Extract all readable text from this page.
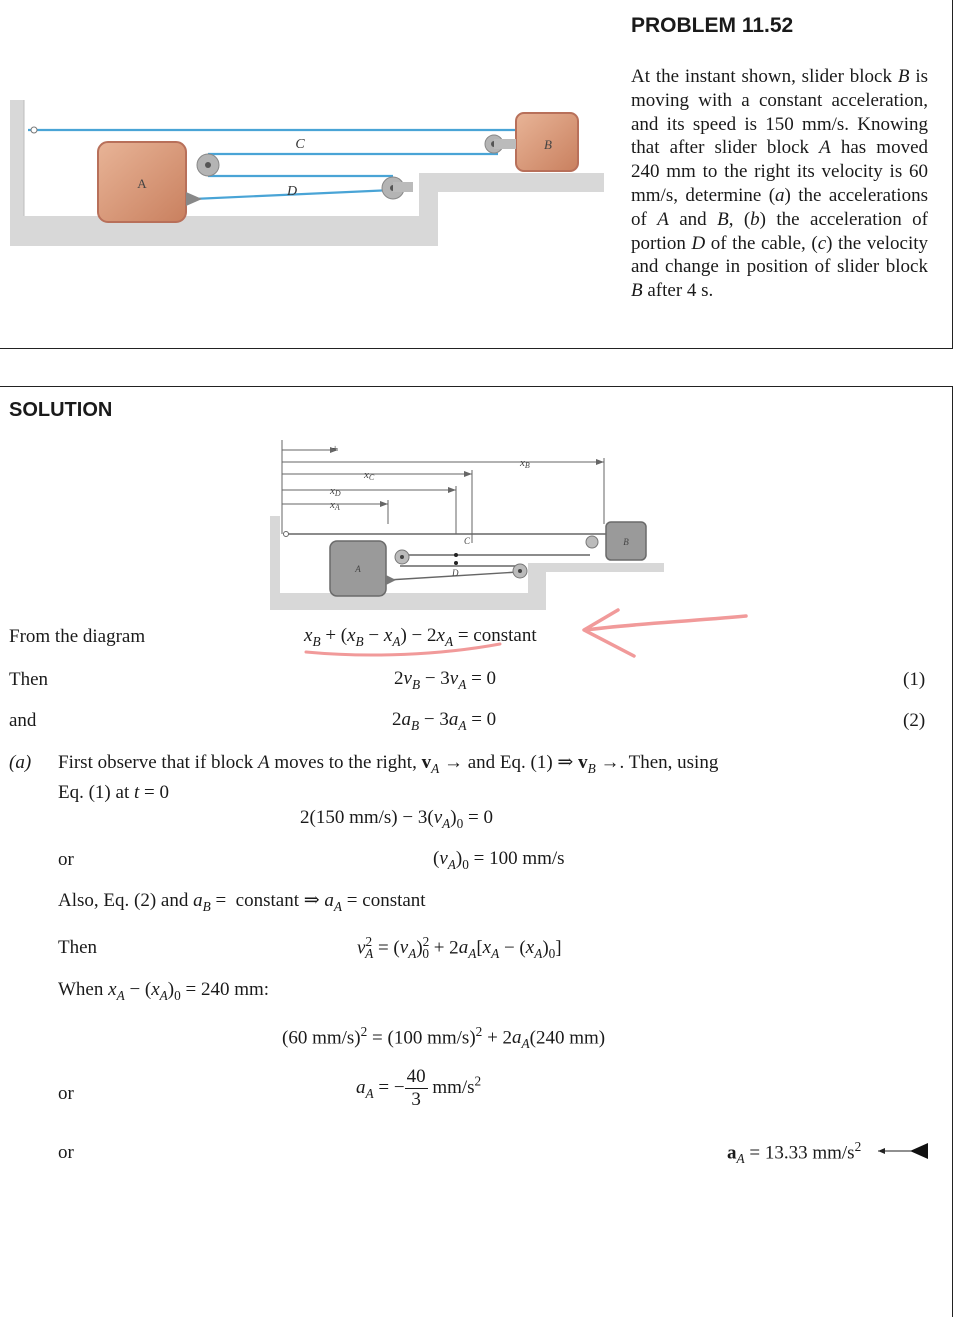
PROBLEM 11.52
At the instant shown, slider block B is moving with a constant acceleration, and its speed is 150 mm/s. Knowing that after slider block A has moved 240 mm to the right its velocity is 60 mm/s, determine (a) the accelerations of A and B, (b) the acceleration of portion D of the cable, (c) the velocity and change in position of slider block B after 4 s.
A
B
C
D
SOLUTION
+
xB
xC
xD
xA
A
B
C
D
From the diagram	$x_B + (x_B - x_A) - 2x_A$ = constant
Then	$2v_B - 3v_A = 0$	(1)
and	$2a_B - 3a_A = 0$	(2)
(a) First observe that if block A moves to the right, $v_A$ → and Eq. (1) ⇒ $v_B$ →. Then, using
Eq. (1) at t = 0
2(150 $mm/s) - 3(v_A)_0 = 0$
or	$(v_A)_0 = 100$ mm/s
Also, Eq. (2) and $a_B$ =  constant ⇒ $a_A$ = constant
Then	$v^2_A = (v_A)^2_0 + 2a_A[x_A - (x_A)_0]$
When $x_A - (x_A)_0 = 240$ mm:
(60 mm/s)$^2$ = (100 $mm/s)^2 + 2a_A(240$ mm)
or	$a_A$ = − $\frac{40}{3} mm/s^2$
or	$a_A = 13.33$ $mm/s^2$
